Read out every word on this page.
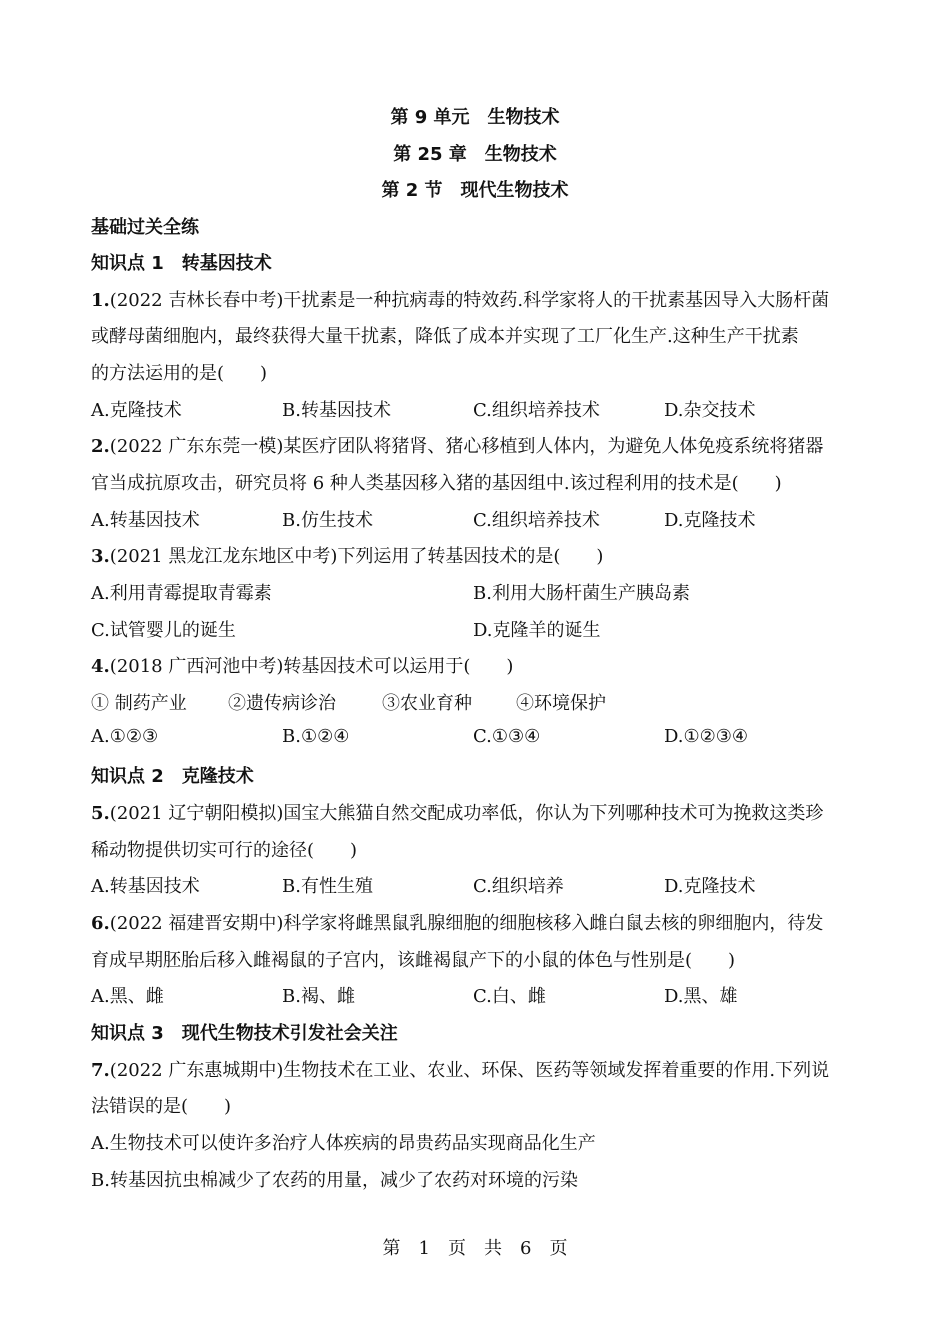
第 9 单元　生物技术
第 25 章　生物技术
第 2 节　现代生物技术
基础过关全练
知识点 1　转基因技术
1.(2022 吉林长春中考)干扰素是一种抗病毒的特效药.科学家将人的干扰素基因导入大肠杆菌
或酵母菌细胞内，最终获得大量干扰素，降低了成本并实现了工厂化生产.这种生产干扰素
的方法运用的是(　　)
A.克隆技术	B.转基因技术	C.组织培养技术	D.杂交技术
2.(2022 广东东莞一模)某医疗团队将猪肾、猪心移植到人体内，为避免人体免疫系统将猪器
官当成抗原攻击，研究员将 6 种人类基因移入猪的基因组中.该过程利用的技术是(　　)
A.转基因技术	B.仿生技术	C.组织培养技术	D.克隆技术
3.(2021 黑龙江龙东地区中考)下列运用了转基因技术的是(　　)
A.利用青霉提取青霉素	B.利用大肠杆菌生产胰岛素
C.试管婴儿的诞生	D.克隆羊的诞生
4.(2018 广西河池中考)转基因技术可以运用于(　　)
① 制药产业 ②遗传病诊治	③农业育种 ④环境保护
A.①②③	B.①②④	C.①③④	D.①②③④
知识点 2　克隆技术
5.(2021 辽宁朝阳模拟)国宝大熊猫自然交配成功率低，你认为下列哪种技术可为挽救这类珍
稀动物提供切实可行的途径(　　)
A.转基因技术	B.有性生殖	C.组织培养	D.克隆技术
6.(2022 福建晋安期中)科学家将雌黑鼠乳腺细胞的细胞核移入雌白鼠去核的卵细胞内，待发
育成早期胚胎后移入雌褐鼠的子宫内，该雌褐鼠产下的小鼠的体色与性别是(　　)
A.黑、雌	B.褐、雌	C.白、雌	D.黑、雄
知识点 3　现代生物技术引发社会关注
7.(2022 广东惠城期中)生物技术在工业、农业、环保、医药等领域发挥着重要的作用.下列说
法错误的是(　　)
A.生物技术可以使许多治疗人体疾病的昂贵药品实现商品化生产
B.转基因抗虫棉减少了农药的用量，减少了农药对环境的污染
第　1　页　共　6　页
